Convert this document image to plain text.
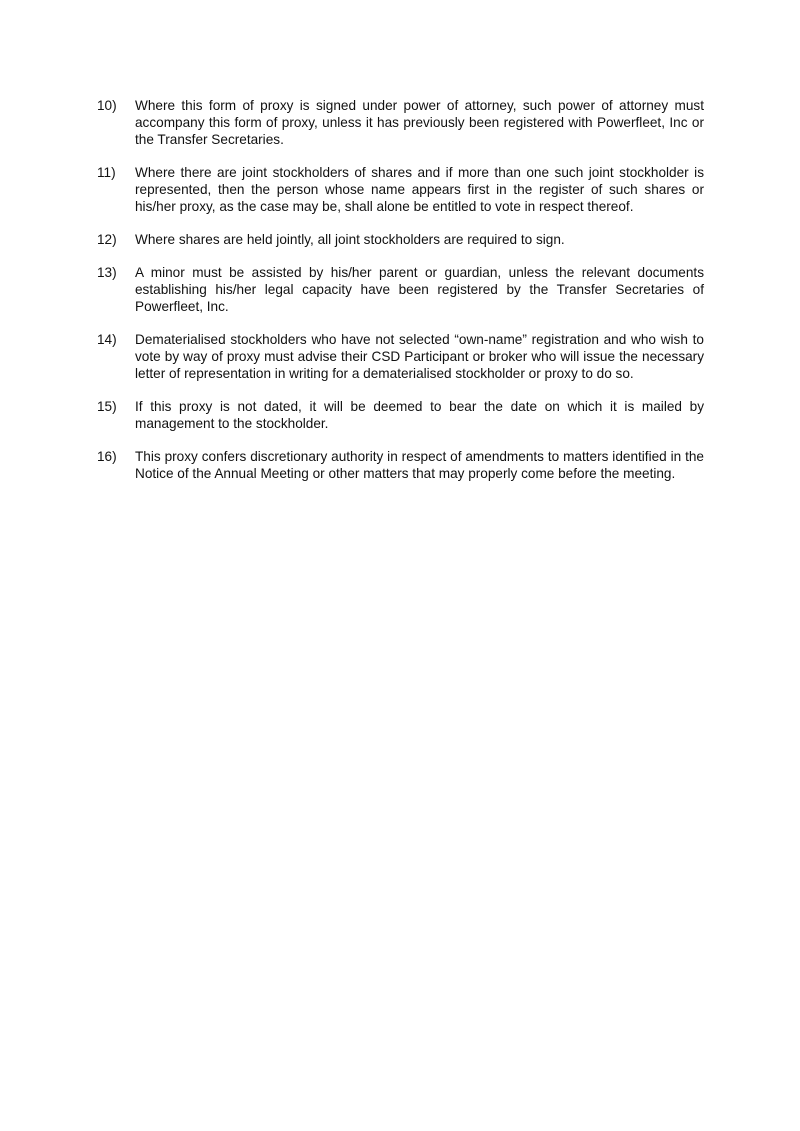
10)	Where this form of proxy is signed under power of attorney, such power of attorney must accompany this form of proxy, unless it has previously been registered with Powerfleet, Inc or the Transfer Secretaries.
11)	Where there are joint stockholders of shares and if more than one such joint stockholder is represented, then the person whose name appears first in the register of such shares or his/her proxy, as the case may be, shall alone be entitled to vote in respect thereof.
12)	Where shares are held jointly, all joint stockholders are required to sign.
13)	A minor must be assisted by his/her parent or guardian, unless the relevant documents establishing his/her legal capacity have been registered by the Transfer Secretaries of Powerfleet, Inc.
14)	Dematerialised stockholders who have not selected “own-name” registration and who wish to vote by way of proxy must advise their CSD Participant or broker who will issue the necessary letter of representation in writing for a dematerialised stockholder or proxy to do so.
15)	If this proxy is not dated, it will be deemed to bear the date on which it is mailed by management to the stockholder.
16)	This proxy confers discretionary authority in respect of amendments to matters identified in the Notice of the Annual Meeting or other matters that may properly come before the meeting.
